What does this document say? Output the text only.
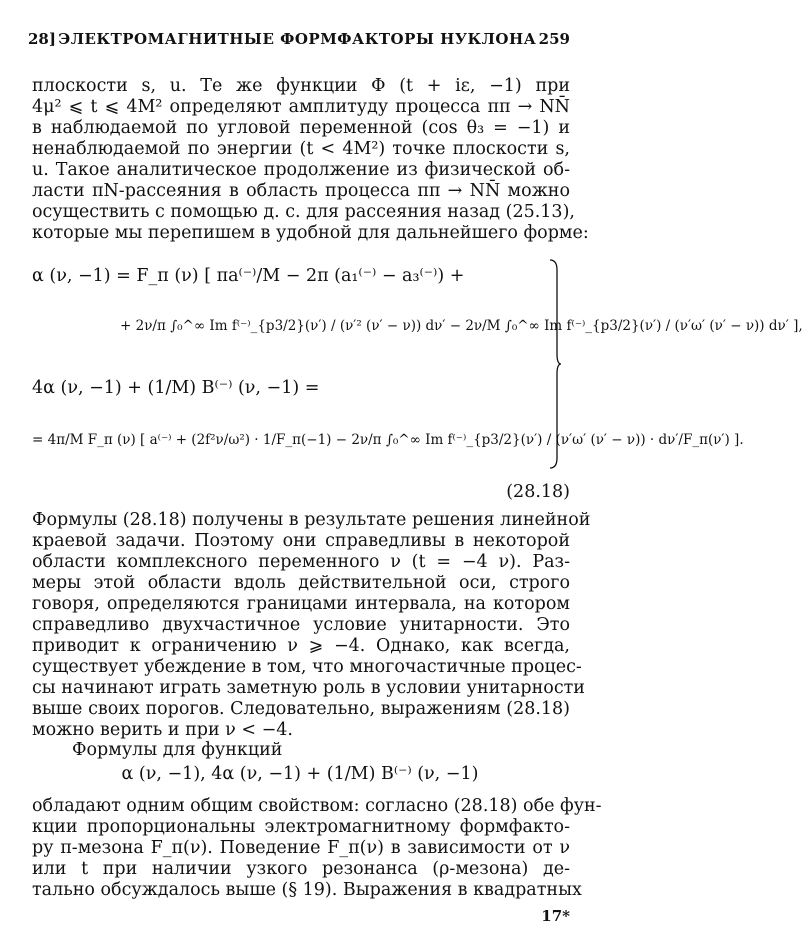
28] ЭЛЕКТРОМАГНИТНЫЕ ФОРМФАКТОРЫ НУКЛОНА 259
плоскости s, u. Те же функции Φ (t + iε, −1) при
4μ² ⩽ t ⩽ 4M² определяют амплитуду процесса ππ → NN̄
в наблюдаемой по угловой переменной (cos θ₃ = −1) и
ненаблюдаемой по энергии (t < 4M²) точке плоскости s,
u. Такое аналитическое продолжение из физической об-
ласти πN-рассеяния в область процесса ππ → NN̄ можно
осуществить с помощью д. с. для рассеяния назад (25.13),
которые мы перепишем в удобной для дальнейшего форме:
α (ν, −1) = F_π (ν) [ πa⁽⁻⁾/M − 2π (a₁⁽⁻⁾ − a₃⁽⁻⁾) +
+ 2ν/π ∫₀^∞ Im f⁽⁻⁾_{p3/2}(ν′) / (ν′² (ν′ − ν)) dν′ − 2ν/M ∫₀^∞ Im f⁽⁻⁾_{p3/2}(ν′) / (ν′ω′ (ν′ − ν)) dν′ ],
4α (ν, −1) + (1/M) B⁽⁻⁾ (ν, −1) =
= 4π/M F_π (ν) [ a⁽⁻⁾ + (2f²ν/ω²) · 1/F_π(−1) − 2ν/π ∫₀^∞ Im f⁽⁻⁾_{p3/2}(ν′) / (ν′ω′ (ν′ − ν)) · dν′/F_π(ν′) ].
(28.18)
Формулы (28.18) получены в результате решения линейной
краевой задачи. Поэтому они справедливы в некоторой
области комплексного переменного ν (t = −4 ν). Раз-
меры этой области вдоль действительной оси, строго
говоря, определяются границами интервала, на котором
справедливо двухчастичное условие унитарности. Это
приводит к ограничению ν ⩾ −4. Однако, как всегда,
существует убеждение в том, что многочастичные процес-
сы начинают играть заметную роль в условии унитарности
выше своих порогов. Следовательно, выражениям (28.18)
можно верить и при ν < −4.
Формулы для функций
α (ν, −1), 4α (ν, −1) + (1/M) B⁽⁻⁾ (ν, −1)
обладают одним общим свойством: согласно (28.18) обе фун-
кции пропорциональны электромагнитному формфакто-
ру π-мезона F_π(ν). Поведение F_π(ν) в зависимости от ν
или t при наличии узкого резонанса (ρ-мезона) де-
тально обсуждалось выше (§ 19). Выражения в квадратных
17*
